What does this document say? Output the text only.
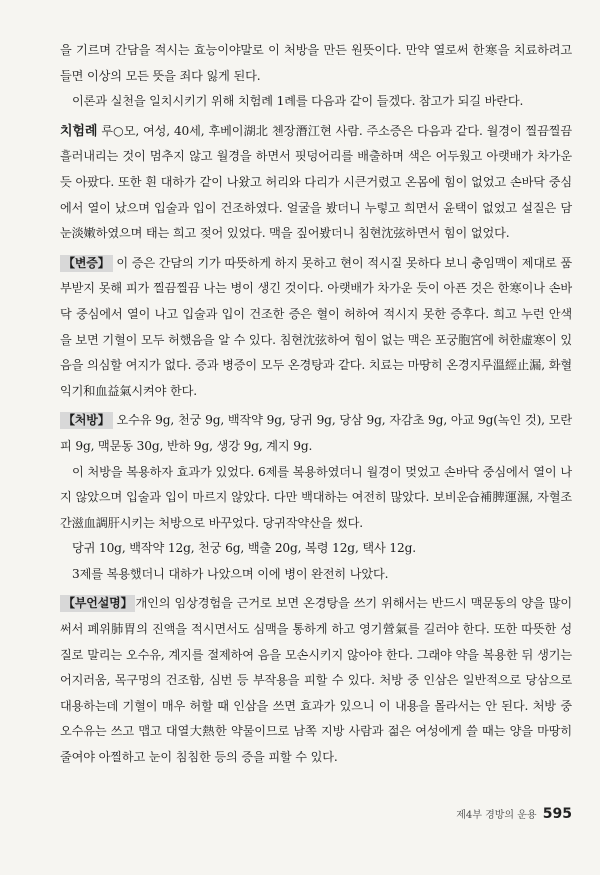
을 기르며 간담을 적시는 효능이야말로 이 처방을 만든 원뜻이다. 만약 열로써 한寒을 치료하려고 들면 이상의 모든 뜻을 죄다 잃게 된다.

이론과 실천을 일치시키기 위해 치험례 1례를 다음과 같이 들겠다. 참고가 되길 바란다.

치험례 루○모, 여성, 40세, 후베이湖北 첸장潛江현 사람. 주소증은 다음과 같다. 월경이 찔끔찔끔 흘러내리는 것이 멈추지 않고 월경을 하면서 핏덩어리를 배출하며 색은 어두웠고 아랫배가 차가운 듯 아팠다. 또한 흰 대하가 같이 나왔고 허리와 다리가 시큰거렸고 온몸에 힘이 없었고 손바닥 중심에서 열이 났으며 입술과 입이 건조하였다. 얼굴을 봤더니 누렇고 희면서 윤택이 없었고 설질은 담눈淡嫩하였으며 태는 희고 젖어 있었다. 맥을 짚어봤더니 침현沈弦하면서 힘이 없었다.

【변증】 이 증은 간담의 기가 따뜻하게 하지 못하고 현이 적시질 못하다 보니 충임맥이 제대로 품부받지 못해 피가 찔끔찔끔 나는 병이 생긴 것이다. 아랫배가 차가운 듯이 아픈 것은 한寒이나 손바닥 중심에서 열이 나고 입술과 입이 건조한 증은 혈이 허하여 적시지 못한 증후다. 희고 누런 안색을 보면 기혈이 모두 허했음을 알 수 있다. 침현沈弦하여 힘이 없는 맥은 포궁胞宮에 허한虛寒이 있음을 의심할 여지가 없다. 증과 병증이 모두 온경탕과 같다. 치료는 마땅히 온경지루溫經止漏, 화혈익기和血益氣시켜야 한다.

【처방】 오수유 9g, 천궁 9g, 백작약 9g, 당귀 9g, 당삼 9g, 자감초 9g, 아교 9g(녹인 것), 모란피 9g, 맥문동 30g, 반하 9g, 생강 9g, 계지 9g.

이 처방을 복용하자 효과가 있었다. 6제를 복용하였더니 월경이 멎었고 손바닥 중심에서 열이 나지 않았으며 입술과 입이 마르지 않았다. 다만 백대하는 여전히 많았다. 보비운습補脾運濕, 자혈조간滋血調肝시키는 처방으로 바꾸었다. 당귀작약산을 썼다.

당귀 10g, 백작약 12g, 천궁 6g, 백출 20g, 복령 12g, 택사 12g.

3제를 복용했더니 대하가 나았으며 이에 병이 완전히 나았다.

【부언설명】 개인의 임상경험을 근거로 보면 온경탕을 쓰기 위해서는 반드시 맥문동의 양을 많이 써서 폐위肺胃의 진액을 적시면서도 심맥을 통하게 하고 영기營氣를 길러야 한다. 또한 따뜻한 성질로 말리는 오수유, 계지를 절제하여 음을 모손시키지 않아야 한다. 그래야 약을 복용한 뒤 생기는 어지러움, 목구멍의 건조함, 심번 등 부작용을 피할 수 있다. 처방 중 인삼은 일반적으로 당삼으로 대용하는데 기혈이 매우 허할 때 인삼을 쓰면 효과가 있으니 이 내용을 몰라서는 안 된다. 처방 중 오수유는 쓰고 맵고 대열大熱한 약물이므로 남쪽 지방 사람과 젊은 여성에게 쓸 때는 양을 마땅히 줄여야 아찔하고 눈이 침침한 등의 증을 피할 수 있다.

제4부 경방의 운용 595
